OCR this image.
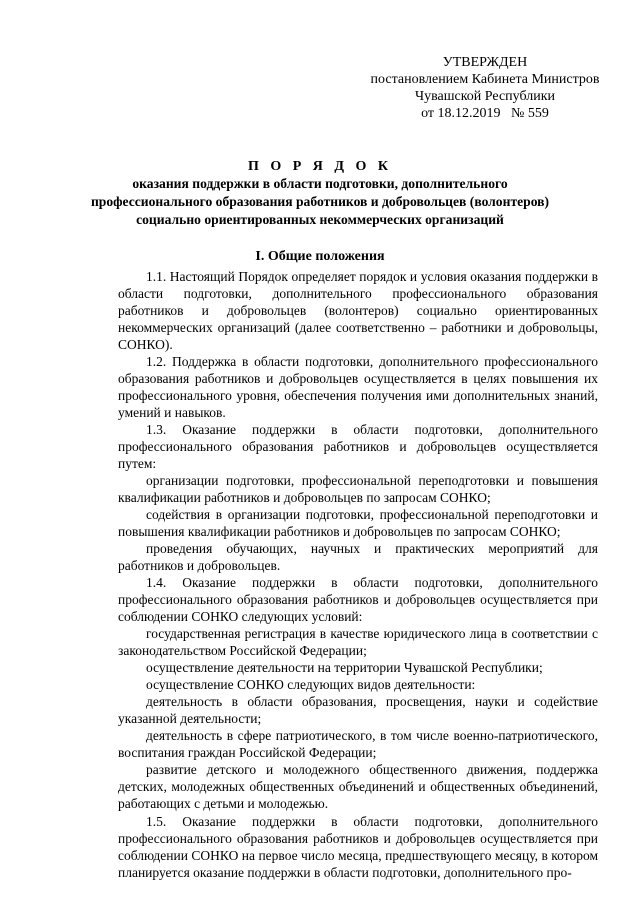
УТВЕРЖДЕН
постановлением Кабинета Министров
Чувашской Республики
от 18.12.2019   № 559
П О Р Я Д О К
оказания поддержки в области подготовки, дополнительного
профессионального образования работников и добровольцев (волонтеров)
социально ориентированных некоммерческих организаций
I. Общие положения

1.1. Настоящий Порядок определяет порядок и условия оказания поддержки в области подготовки, дополнительного профессионального образования работников и добровольцев (волонтеров) социально ориентированных некоммерческих организаций (далее соответственно – работники и добровольцы, СОНКО).

1.2. Поддержка в области подготовки, дополнительного профессионального образования работников и добровольцев осуществляется в целях повышения их профессионального уровня, обеспечения получения ими дополнительных знаний, умений и навыков.

1.3. Оказание поддержки в области подготовки, дополнительного профессионального образования работников и добровольцев осуществляется путем:

организации подготовки, профессиональной переподготовки и повышения квалификации работников и добровольцев по запросам СОНКО;

содействия в организации подготовки, профессиональной переподготовки и повышения квалификации работников и добровольцев по запросам СОНКО;

проведения обучающих, научных и практических мероприятий для работников и добровольцев.

1.4. Оказание поддержки в области подготовки, дополнительного профессионального образования работников и добровольцев осуществляется при соблюдении СОНКО следующих условий:

государственная регистрация в качестве юридического лица в соответствии с законодательством Российской Федерации;

осуществление деятельности на территории Чувашской Республики;

осуществление СОНКО следующих видов деятельности:

деятельность в области образования, просвещения, науки и содействие указанной деятельности;

деятельность в сфере патриотического, в том числе военно-патриотического, воспитания граждан Российской Федерации;

развитие детского и молодежного общественного движения, поддержка детских, молодежных общественных объединений и общественных объединений, работающих с детьми и молодежью.

1.5. Оказание поддержки в области подготовки, дополнительного профессионального образования работников и добровольцев осуществляется при соблюдении СОНКО на первое число месяца, предшествующего месяцу, в котором планируется оказание поддержки в области подготовки, дополнительного про-
